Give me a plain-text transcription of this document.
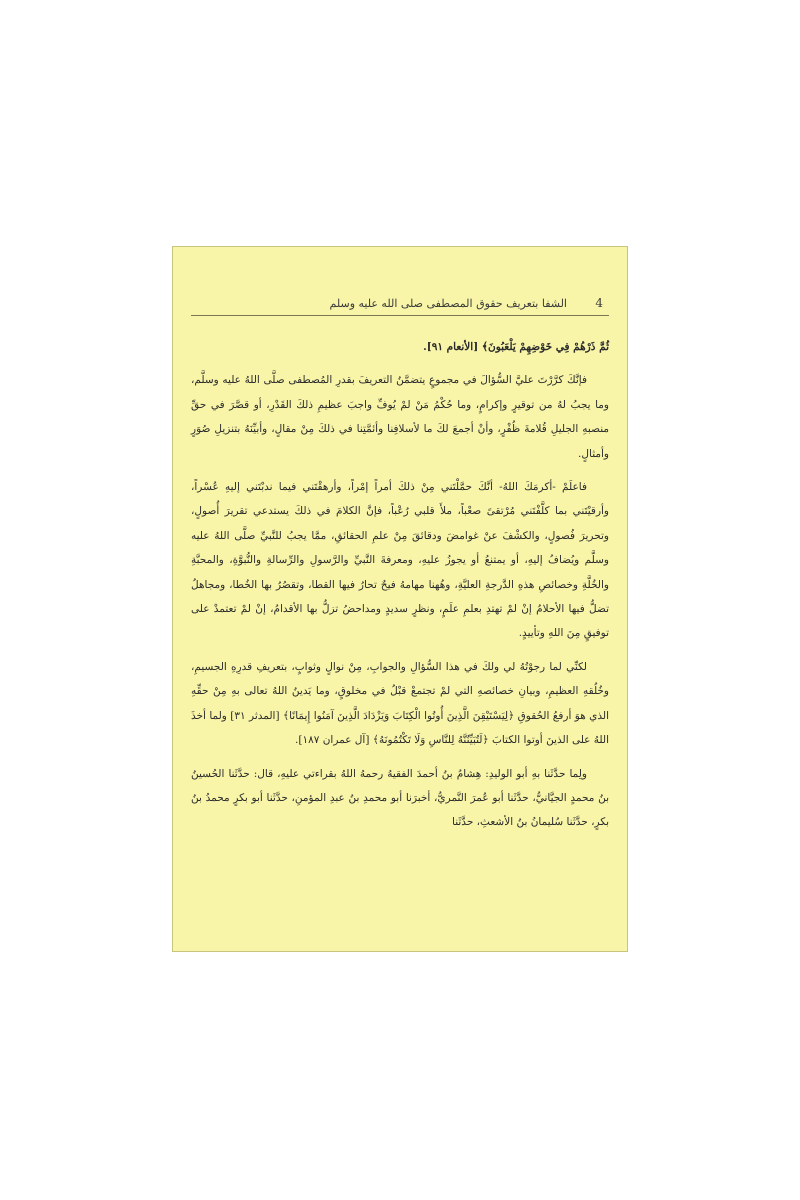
4
الشفا بتعريف حقوق المصطفى صلى الله عليه وسلم

ثُمَّ ذَرْهُمْ فِي خَوْضِهِمْ يَلْعَبُونَ﴾ [الأنعام ٩١].

فإنَّكَ كرَّرْتَ عليَّ السُّؤالَ في مجموعٍ يتضمَّنُ التعريفَ بقدرِ المُصطفى صلَّى اللهُ عليه وسلَّم، وما يجبُ لهُ من توقيرٍ وإكرامٍ، وما حُكْمُ مَنْ لمْ يُوفِّ واجبَ عظيمِ ذلكَ القَدْرِ، أو قصَّرَ في حقِّ منصبهِ الجليلِ قُلامةَ ظُفْرٍ، وأنْ أجمعَ لكَ ما لأسلافِنا وأئمَّتِنا في ذلكَ مِنْ مقالٍ، وأبيِّنَهُ بتنزيلِ صُوَرٍ وأمثالٍ.

فاعلَمْ -أكرمَكَ اللهُ- أنَّكَ حمَّلْتَني مِنْ ذلكَ أمراً إمْراً، وأرهقْتَني فيما ندبْتَني إليهِ عُسْراً، وأرقيْتَني بما كلَّفْتَني مُرْتقىً صعْباً، ملأَ قلبي رُعْباً، فإنَّ الكلامَ في ذلكَ يستدعي تقريرَ أُصولٍ، وتحريرَ فُصولٍ، والكشْفَ عنْ غوامضَ ودقائقَ مِنْ علمِ الحقائقِ، ممَّا يجبُ للنَّبيِّ صلَّى اللهُ عليه وسلَّم ويُضافُ إليهِ، أو يمتنعُ أو يجوزُ عليهِ، ومعرفةَ النَّبيِّ والرَّسولِ والرِّسالةِ والنُّبوَّةِ، والمحبَّةِ والخُلَّةِ وخصائصِ هذهِ الدَّرجةِ العليَّةِ، وهُهنا مهامهُ فيحٌ تحارُ فيها القطا، وتقصُرُ بها الخُطا، ومجاهلُ تضلُّ فيها الأحلامُ إنْ لمْ تهتدِ بعلمِ علَمٍ، ونظرٍ سديدٍ ومداحضُ تزلُّ بها الأقدامُ، إنْ لمْ تعتمدْ على توفيقٍ مِنَ اللهِ وتأييدٍ.

لكنِّي لما رجوْتُهُ لي ولكَ في هذا السُّؤالِ والجوابِ، مِنْ نوالٍ وثوابٍ، بتعريفِ قدرِهِ الجسيمِ، وخُلُقهِ العظيمِ، وبيانِ خصائصهِ التي لمْ تجتمعْ قبْلُ في مخلوقٍ، وما يَدينُ اللهُ تعالى بهِ مِنْ حقِّهِ الذي هوَ أرفعُ الحُقوقِ ﴿لِيَسْتَيْقِنَ الَّذِينَ أُوتُوا الْكِتَابَ وَيَزْدَادَ الَّذِينَ آمَنُوا إِيمَانًا﴾ [المدثر ٣١] ولما أخذَ اللهُ على الذينَ أوتوا الكتابَ ﴿لَتُبَيِّنُنَّهُ لِلنَّاسِ وَلَا تَكْتُمُونَهُ﴾ [آل عمران ١٨٧].

ولِما حدَّثَنا بهِ أبو الوليدِ: هِشامُ بنُ أحمدَ الفقيهُ رحمهُ اللهُ بقراءتي عليهِ، قال: حدَّثَنا الحُسينُ بنُ محمدٍ الجيَّانيُّ، حدَّثَنا أبو عُمرَ النَّمريُّ، أخبرَنا أبو محمدِ بنُ عبدِ المؤمنِ، حدَّثَنا أبو بكرٍ محمدُ بنُ بكرٍ، حدَّثَنا سُليمانُ بنُ الأشعثِ، حدَّثَنا
